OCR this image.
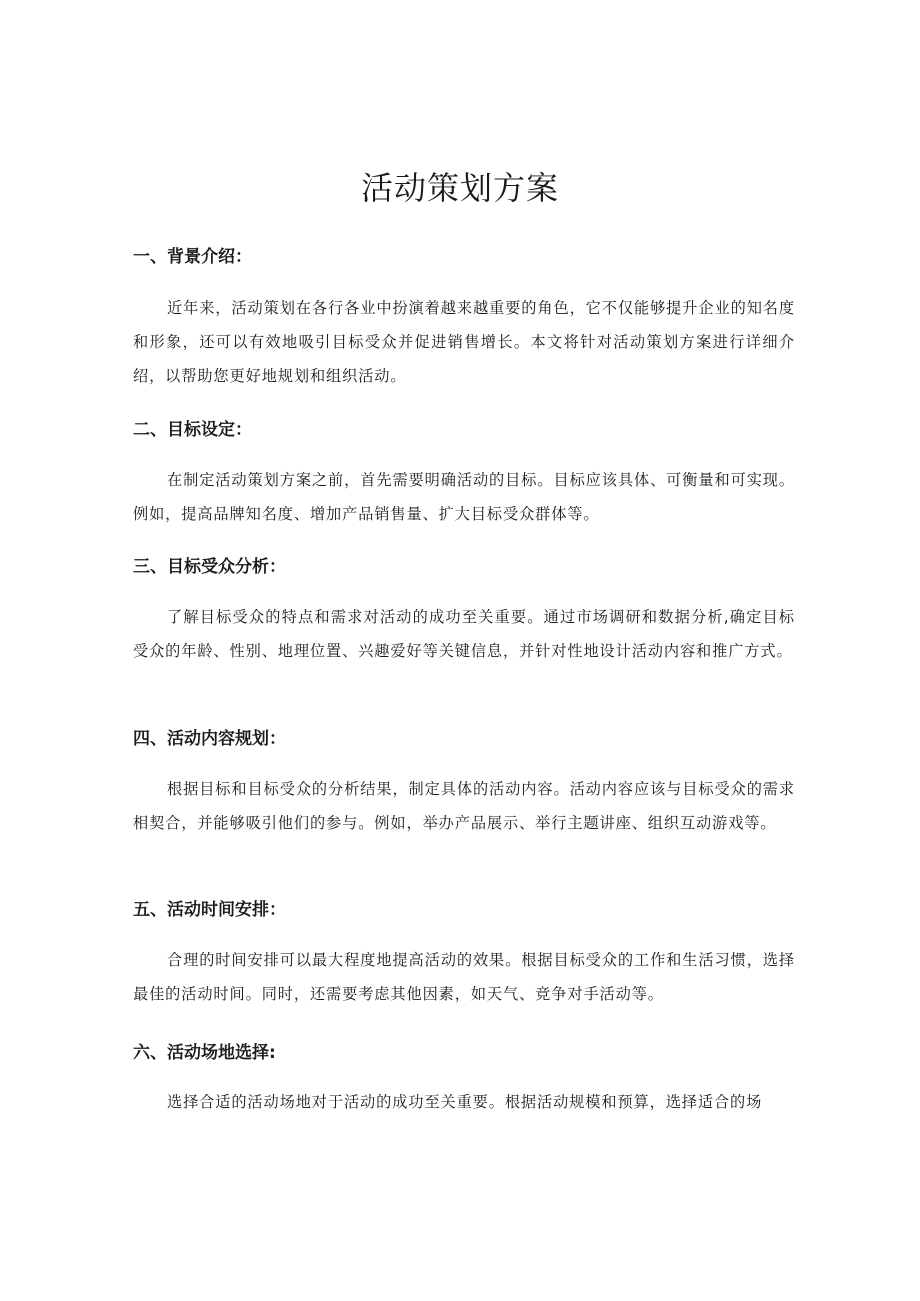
活动策划方案
一、背景介绍：

近年来，活动策划在各行各业中扮演着越来越重要的角色，它不仅能够提升企业的知名度和形象，还可以有效地吸引目标受众并促进销售增长。本文将针对活动策划方案进行详细介绍，以帮助您更好地规划和组织活动。

二、目标设定：

在制定活动策划方案之前，首先需要明确活动的目标。目标应该具体、可衡量和可实现。例如，提高品牌知名度、增加产品销售量、扩大目标受众群体等。

三、目标受众分析：

了解目标受众的特点和需求对活动的成功至关重要。通过市场调研和数据分析,确定目标受众的年龄、性别、地理位置、兴趣爱好等关键信息，并针对性地设计活动内容和推广方式。

四、活动内容规划：

根据目标和目标受众的分析结果，制定具体的活动内容。活动内容应该与目标受众的需求相契合，并能够吸引他们的参与。例如，举办产品展示、举行主题讲座、组织互动游戏等。

五、活动时间安排：

合理的时间安排可以最大程度地提高活动的效果。根据目标受众的工作和生活习惯，选择最佳的活动时间。同时，还需要考虑其他因素，如天气、竞争对手活动等。

六、活动场地选择:

选择合适的活动场地对于活动的成功至关重要。根据活动规模和预算，选择适合的场
